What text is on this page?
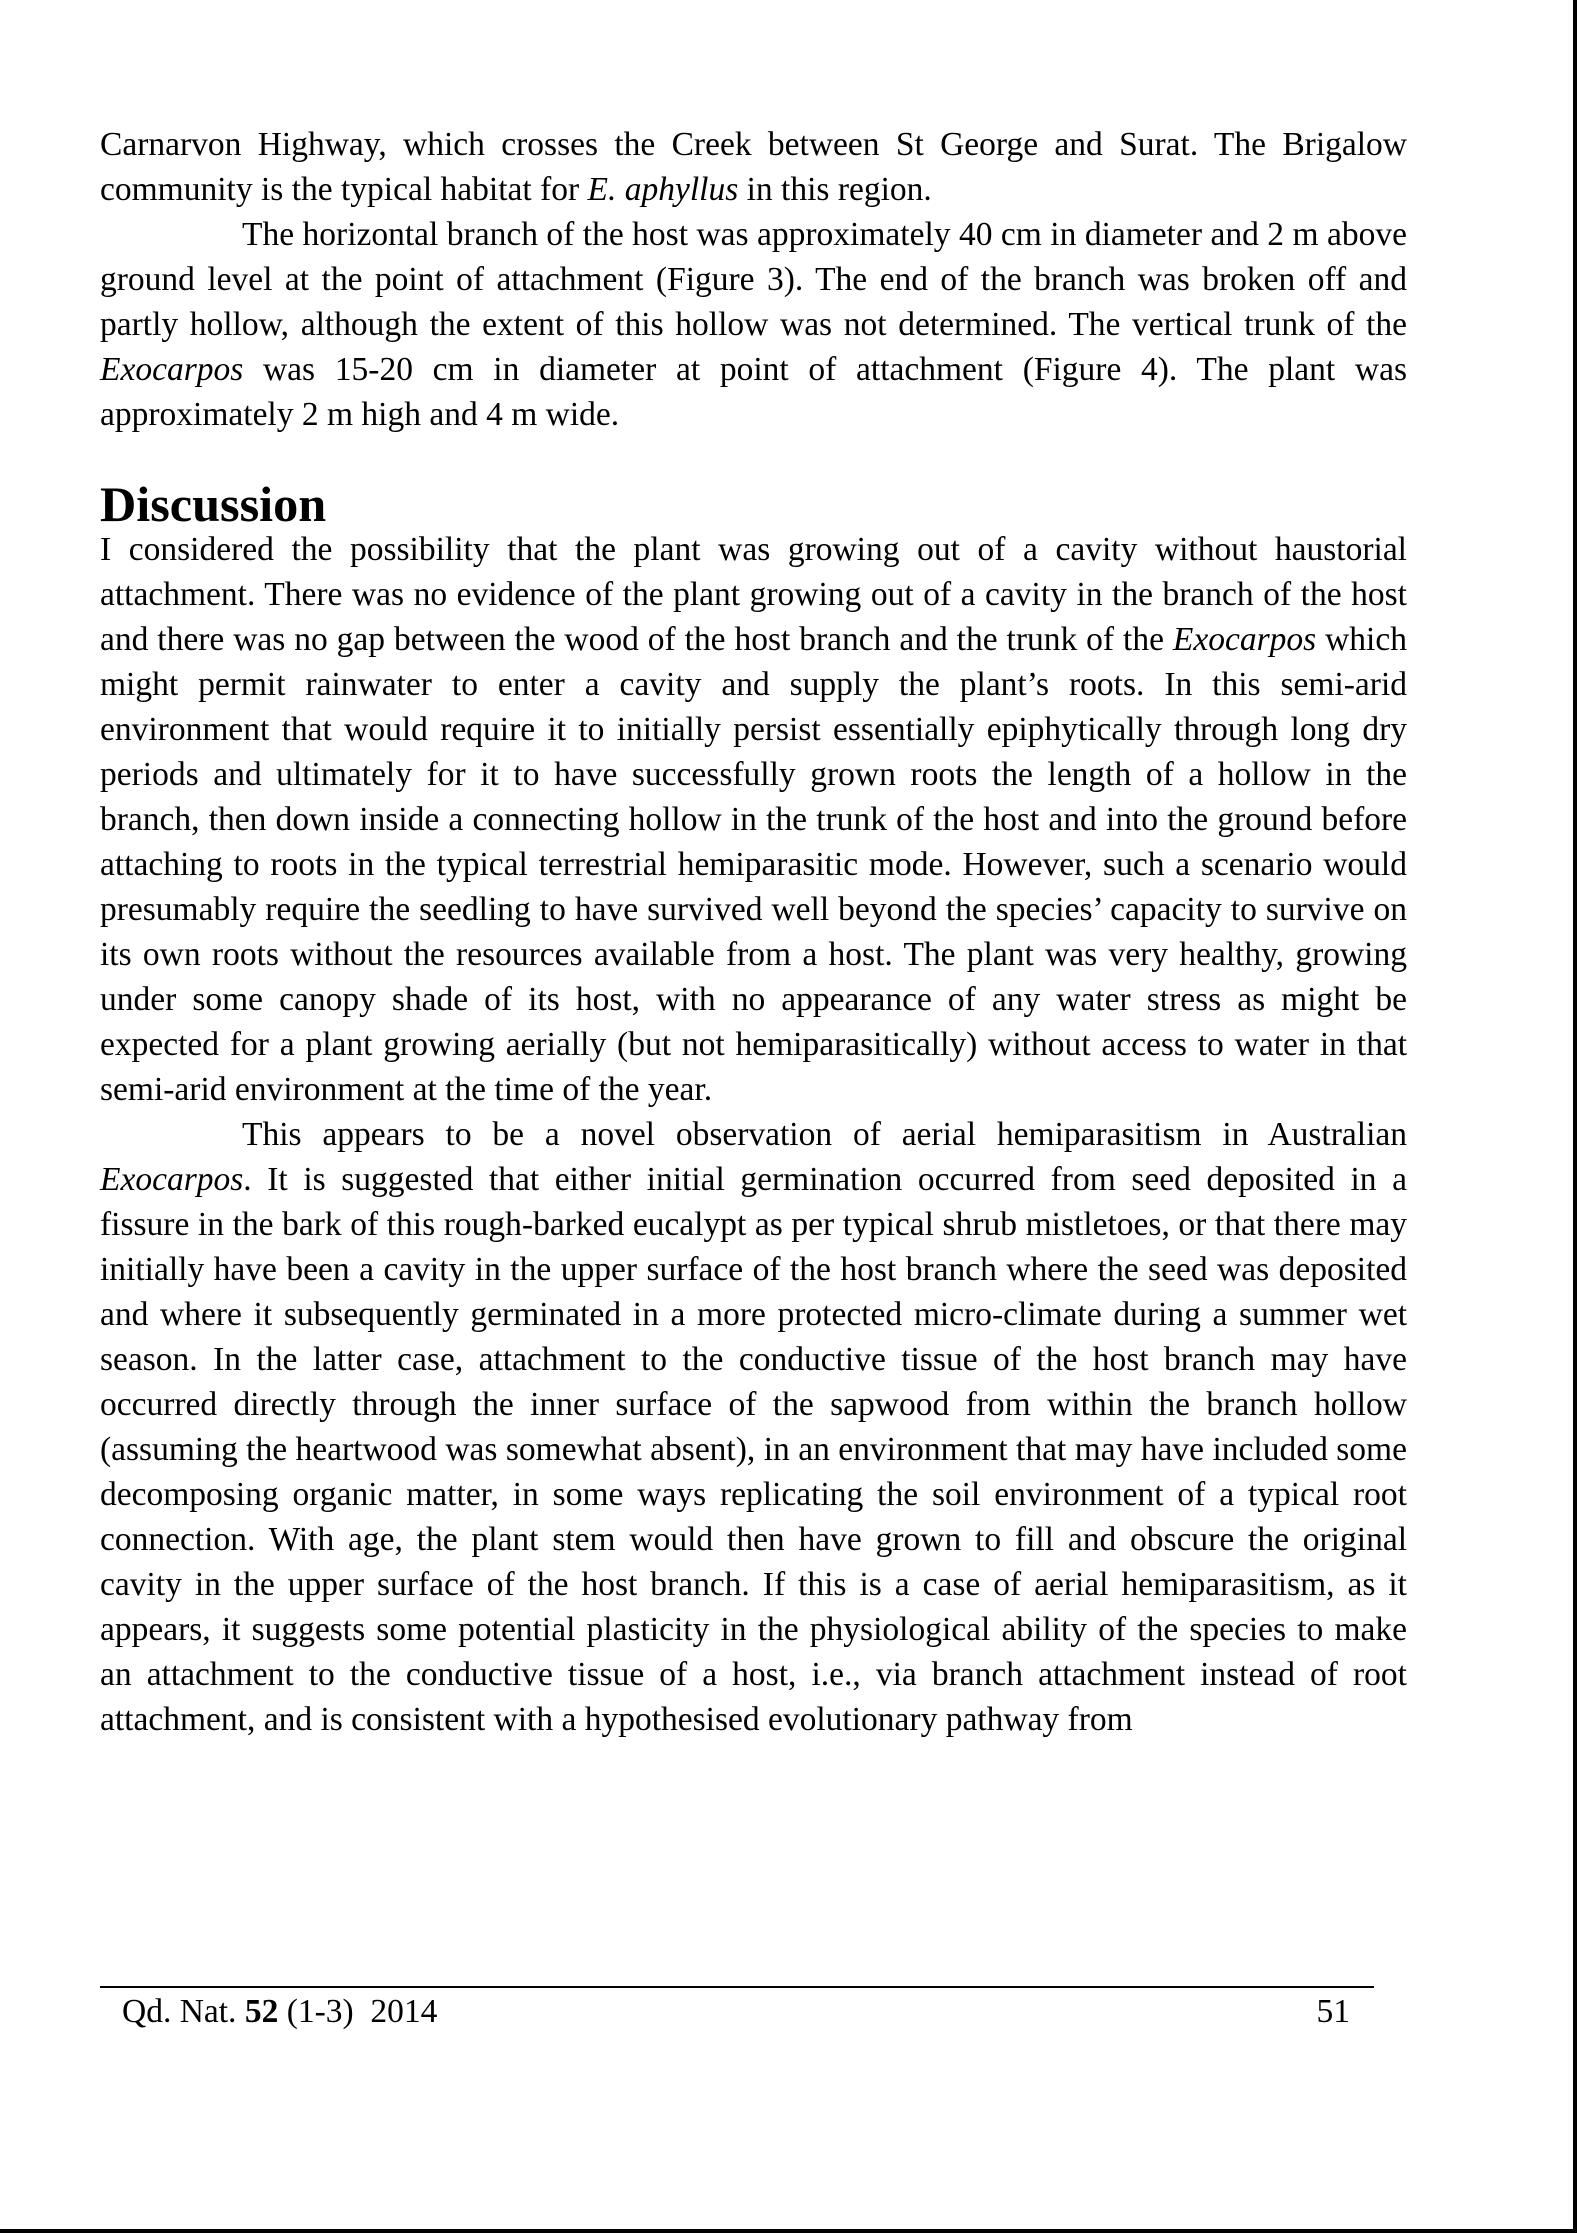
Carnarvon Highway, which crosses the Creek between St George and Surat. The Brigalow community is the typical habitat for E. aphyllus in this region.

The horizontal branch of the host was approximately 40 cm in diameter and 2 m above ground level at the point of attachment (Figure 3). The end of the branch was broken off and partly hollow, although the extent of this hollow was not determined. The vertical trunk of the Exocarpos was 15-20 cm in diameter at point of attachment (Figure 4). The plant was approximately 2 m high and 4 m wide.

Discussion

I considered the possibility that the plant was growing out of a cavity without haustorial attachment. There was no evidence of the plant growing out of a cavity in the branch of the host and there was no gap between the wood of the host branch and the trunk of the Exocarpos which might permit rainwater to enter a cavity and supply the plant’s roots. In this semi-arid environment that would require it to initially persist essentially epiphytically through long dry periods and ultimately for it to have successfully grown roots the length of a hollow in the branch, then down inside a connecting hollow in the trunk of the host and into the ground before attaching to roots in the typical terrestrial hemiparasitic mode. However, such a scenario would presumably require the seedling to have survived well beyond the species’ capacity to survive on its own roots without the resources available from a host. The plant was very healthy, growing under some canopy shade of its host, with no appearance of any water stress as might be expected for a plant growing aerially (but not hemiparasitically) without access to water in that semi-arid environment at the time of the year.

This appears to be a novel observation of aerial hemiparasitism in Australian Exocarpos. It is suggested that either initial germination occurred from seed deposited in a fissure in the bark of this rough-barked eucalypt as per typical shrub mistletoes, or that there may initially have been a cavity in the upper surface of the host branch where the seed was deposited and where it subsequently germinated in a more protected micro-climate during a summer wet season. In the latter case, attachment to the conductive tissue of the host branch may have occurred directly through the inner surface of the sapwood from within the branch hollow (assuming the heartwood was somewhat absent), in an environment that may have included some decomposing organic matter, in some ways replicating the soil environment of a typical root connection. With age, the plant stem would then have grown to fill and obscure the original cavity in the upper surface of the host branch. If this is a case of aerial hemiparasitism, as it appears, it suggests some potential plasticity in the physiological ability of the species to make an attachment to the conductive tissue of a host, i.e., via branch attachment instead of root attachment, and is consistent with a hypothesised evolutionary pathway from

Qd. Nat. 52 (1-3)  2014	51
